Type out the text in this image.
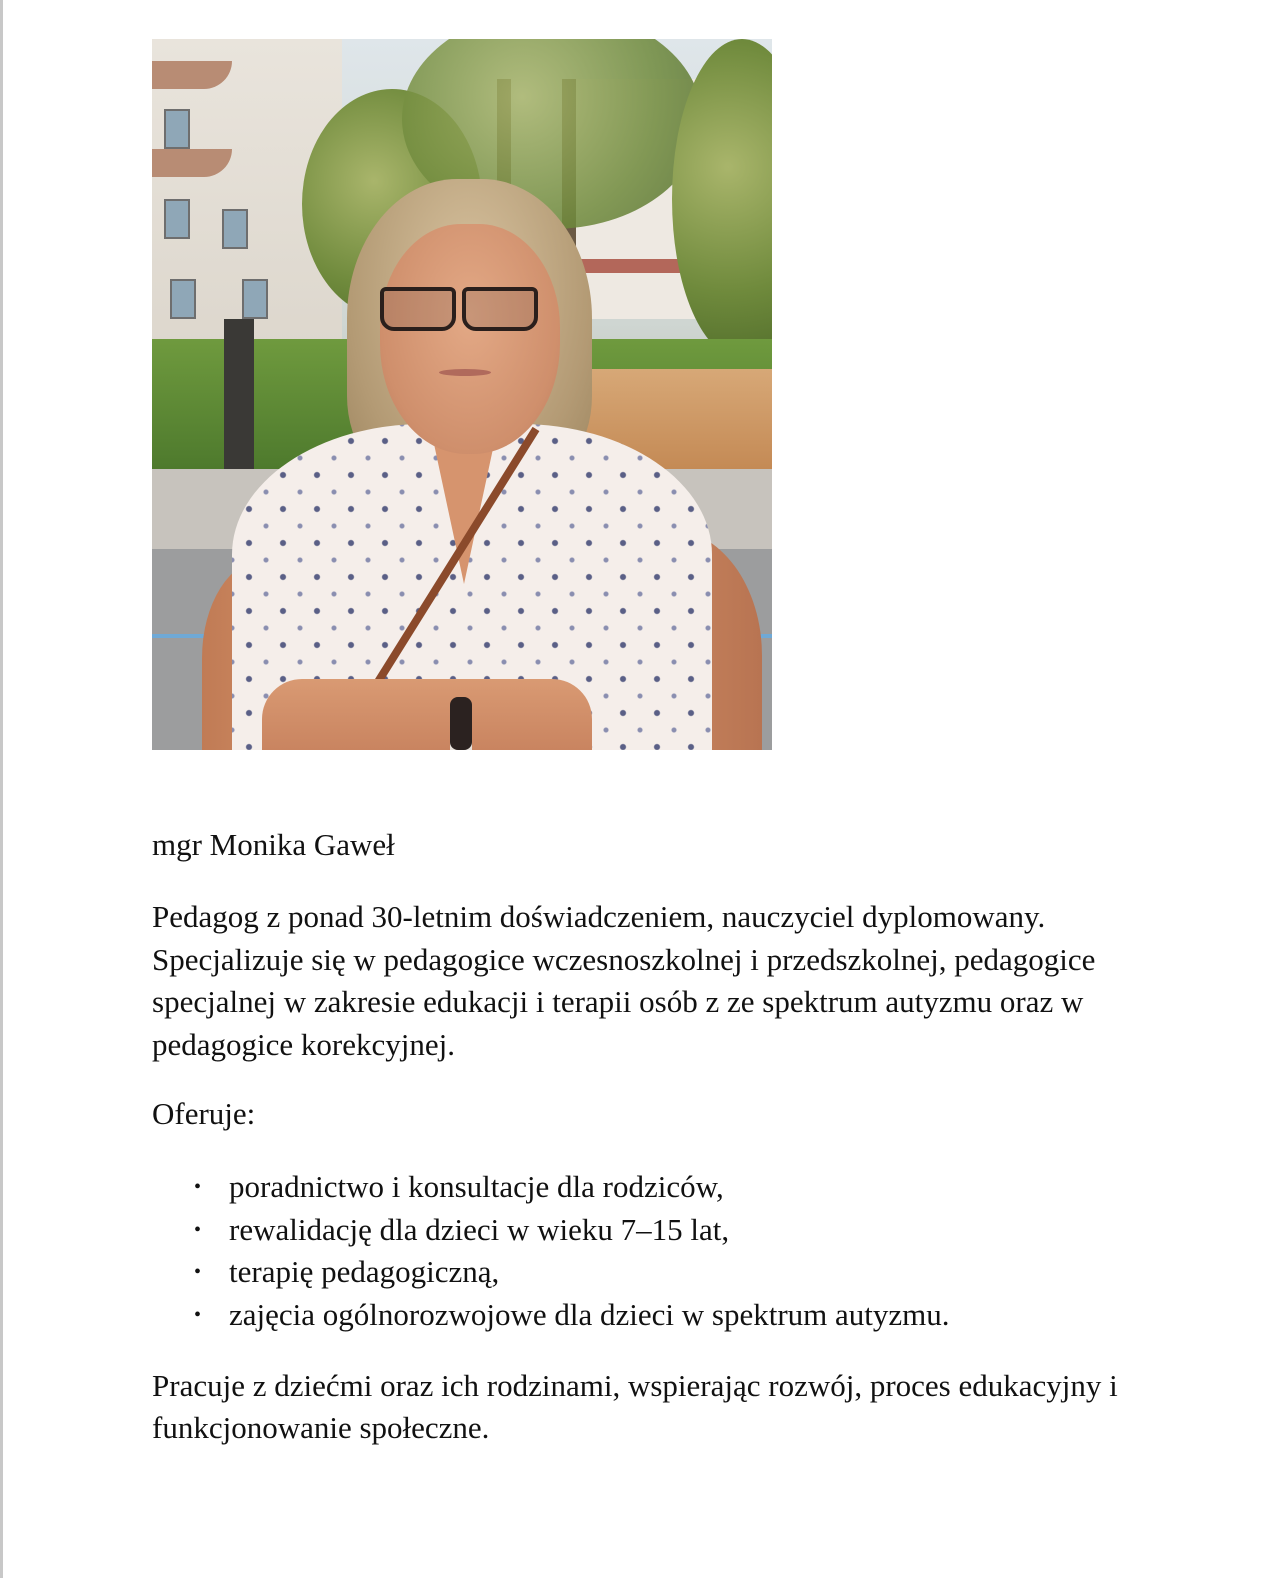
mgr Monika Gaweł

Pedagog z ponad 30-letnim doświadczeniem, nauczyciel dyplomowany. Specjalizuje się w pedagogice wczesnoszkolnej i przedszkolnej, pedagogice specjalnej w zakresie edukacji i terapii osób z ze spektrum autyzmu oraz w pedagogice korekcyjnej.

Oferuje:

• poradnictwo i konsultacje dla rodziców,
• rewalidację dla dzieci w wieku 7–15 lat,
• terapię pedagogiczną,
• zajęcia ogólnorozwojowe dla dzieci w spektrum autyzmu.

Pracuje z dziećmi oraz ich rodzinami, wspierając rozwój, proces edukacyjny i funkcjonowanie społeczne.
